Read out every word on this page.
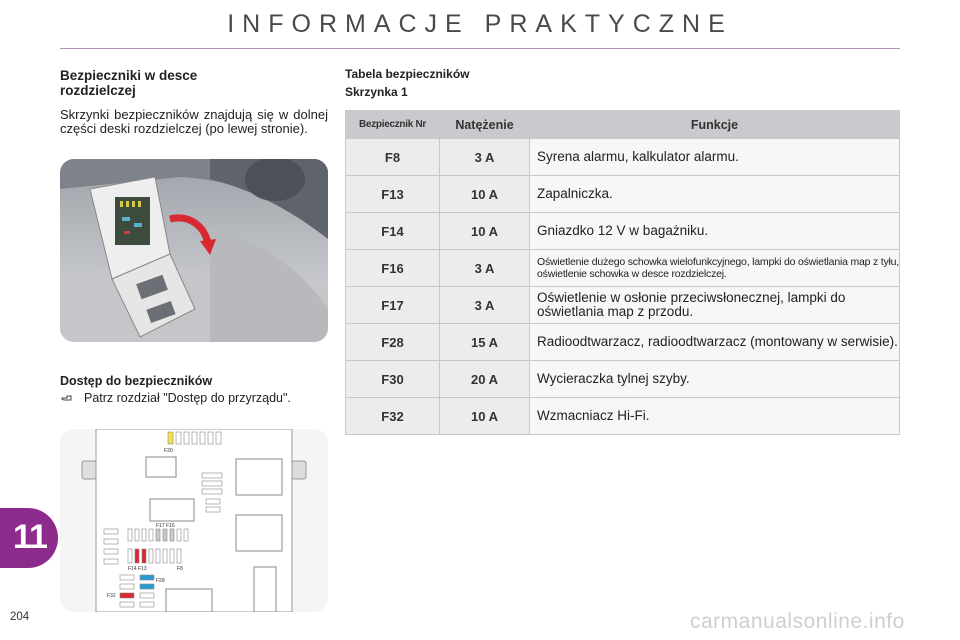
INFORMACJE PRAKTYCZNE
Bezpieczniki w desce rozdzielczej
Skrzynki bezpieczników znajdują się w dolnej części deski rozdzielczej (po lewej stronie).
Dostęp do bezpieczników
Patrz rozdział "Dostęp do przyrządu".
F30
F17 F16
F14 F13	F8
F28
F32
Tabela bezpieczników
Skrzynka 1
Bezpiecznik Nr	Natężenie	Funkcje
F8	3 A	Syrena alarmu, kalkulator alarmu.
F13	10 A	Zapalniczka.
F14	10 A	Gniazdko 12 V w bagażniku.
F16	3 A	Oświetlenie dużego schowka wielofunkcyjnego, lampki do oświetlania map z tyłu, oświetlenie schowka w desce rozdzielczej.
F17	3 A	Oświetlenie w osłonie przeciwsłonecznej, lampki do oświetlania map z przodu.
F28	15 A	Radioodtwarzacz, radioodtwarzacz (montowany w serwisie).
F30	20 A	Wycieraczka tylnej szyby.
F32	10 A	Wzmacniacz Hi-Fi.
11
204	carmanualsonline.info
